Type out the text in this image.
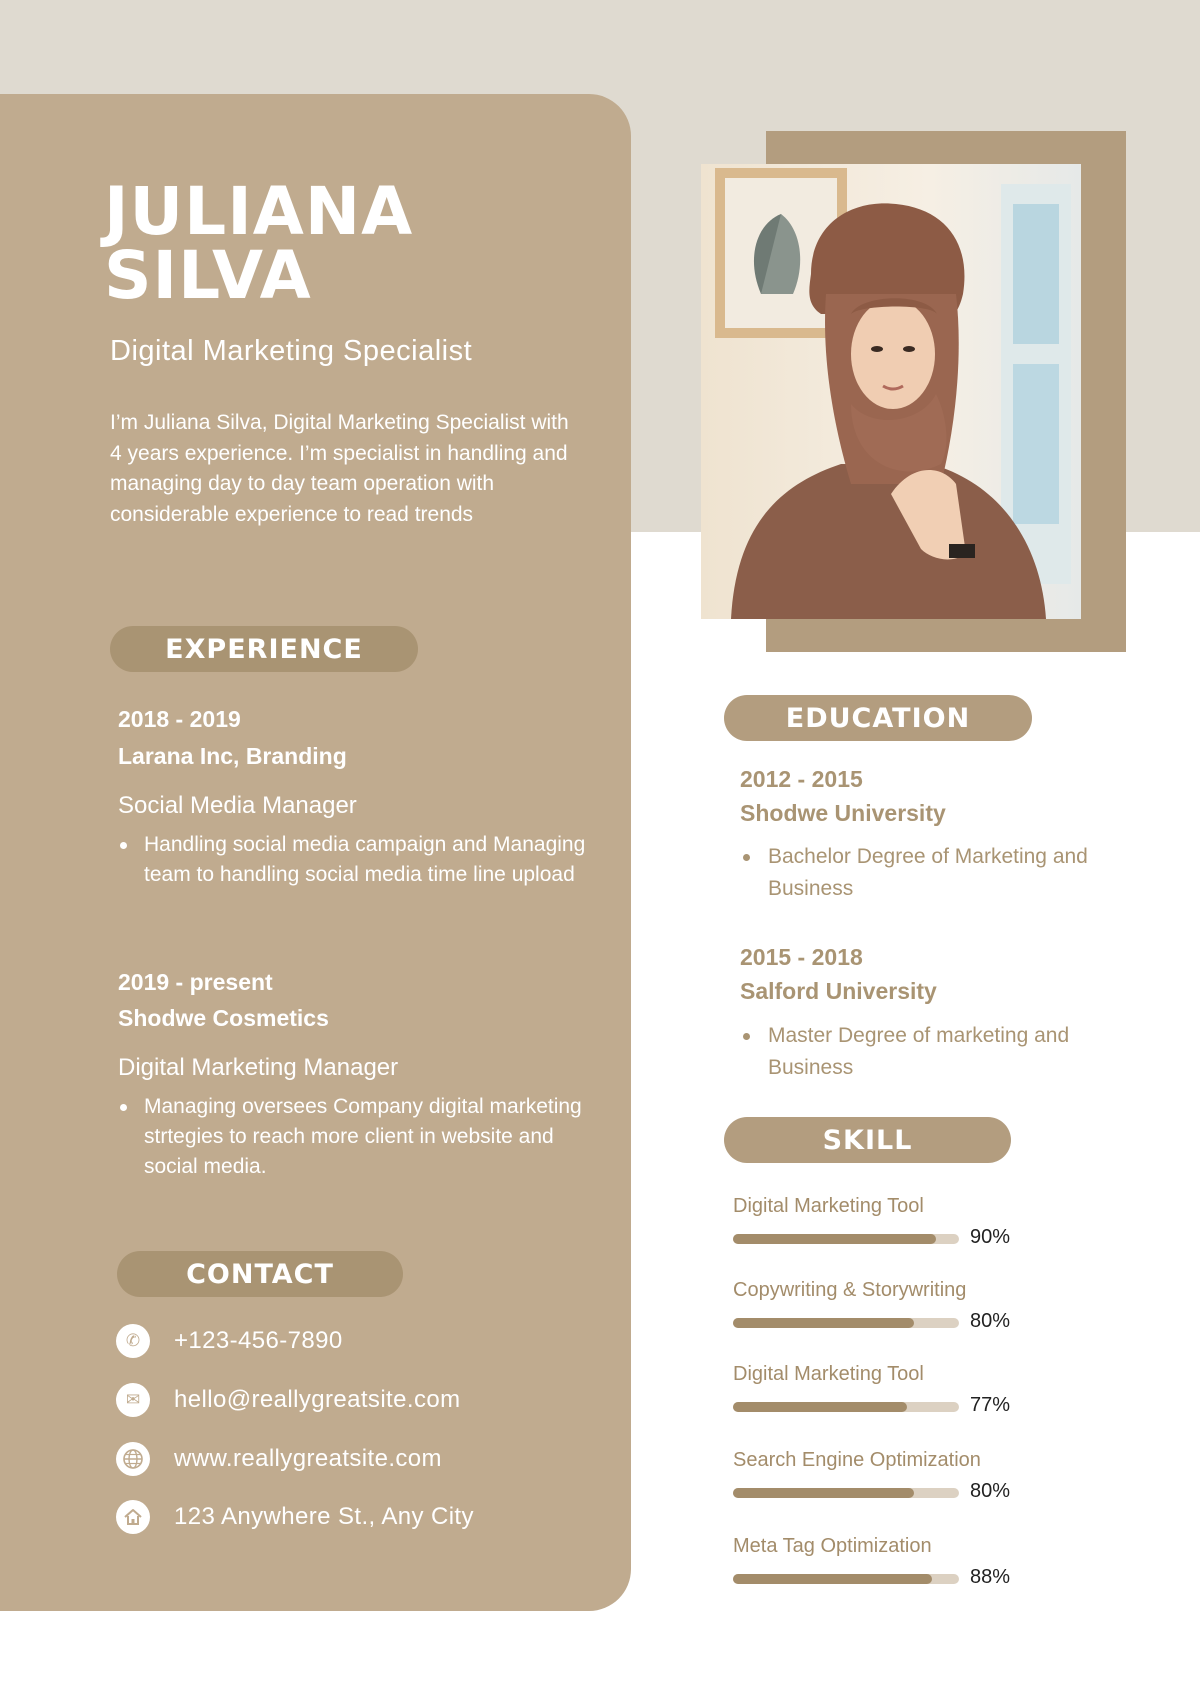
JULIANA
SILVA
Digital Marketing Specialist

I’m Juliana Silva, Digital Marketing Specialist with 4 years experience. I’m specialist in handling and managing day to day team operation with considerable experience to read trends

EXPERIENCE
2018 - 2019
Larana Inc, Branding
Social Media Manager
Handling social media campaign and Managing team to handling social media time line upload
2019 - present
Shodwe Cosmetics
Digital Marketing Manager
Managing oversees Company digital marketing strtegies to reach more client in website and social media.
CONTACT
✆	+123-456-7890
✉	hello@reallygreatsite.com
www.reallygreatsite.com
123 Anywhere St., Any City
EDUCATION
2012 - 2015
Shodwe University
Bachelor Degree of Marketing and Business
2015 - 2018
Salford University
Master Degree of marketing and Business
SKILL
Digital Marketing Tool
90%
Copywriting & Storywriting
80%
Digital Marketing Tool
77%
Search Engine Optimization
80%
Meta Tag Optimization
88%
